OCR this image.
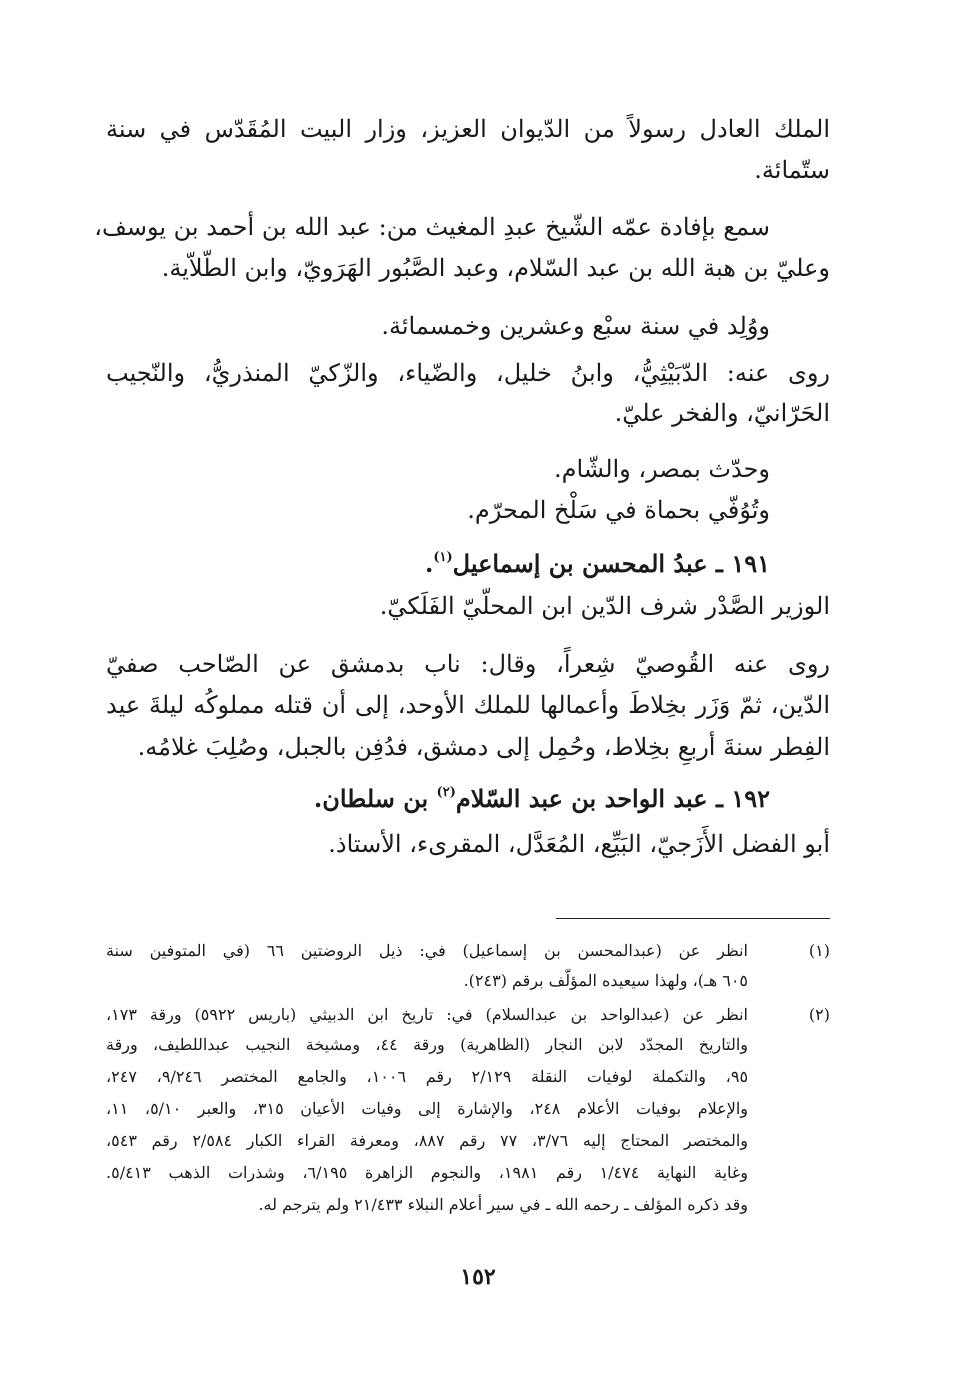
الملك العادل رسولاً من الدّيوان العزيز، وزار البيت المُقَدّس في سنة
ستّمائة.
سمع بإفادة عمّه الشّيخ عبدِ المغيث من: عبد الله بن أحمد بن يوسف،
وعليّ بن هبة الله بن عبد السّلام، وعبد الصَّبُور الهَرَويّ، وابن الطّلاّية.
ووُلِد في سنة سبْع وعشرين وخمسمائة.
روى عنه: الدّبَيْثِيُّ، وابنُ خليل، والضّياء، والزّكيّ المنذريُّ، والنّجيب
الحَرّانيّ، والفخر عليّ.
وحدّث بمصر، والشّام.
وتُوُفّي بحماة في سَلْخ المحرّم.
١٩١ ـ عبدُ المحسن بن إسماعيل$^{(١)}$.
الوزير الصَّدْر شرف الدّين ابن المحلّيّ الفَلَكيّ.
روى عنه القُوصيّ شِعراً، وقال: ناب بدمشق عن الصّاحب صفيّ
الدّين، ثمّ وَزَر بخِلاطَ وأعمالها للملك الأوحد، إلى أن قتله مملوكُه ليلةَ عيد
الفِطر سنةَ أربعِ بخِلاط، وحُمِل إلى دمشق، فدُفِن بالجبل، وصُلِبَ غلامُه.
١٩٢ ـ عبد الواحد بن عبد السّلام$^{(٢)}$ بن سلطان.
أبو الفضل الأَزَجيّ، البَيِّع، المُعَدَّل، المقرىء، الأستاذ.
(١)
انظر عن (عبدالمحسن بن إسماعيل) في: ذيل الروضتين ٦٦ (في المتوفين سنة
٦٠٥ هـ)، ولهذا سيعيده المؤلّف برقم (٢٤٣).
(٢)
انظر عن (عبدالواحد بن عبدالسلام) في: تاريخ ابن الدبيثي (باريس ٥٩٢٢) ورقة ١٧٣،
والتاريخ المجدّد لابن النجار (الظاهرية) ورقة ٤٤، ومشيخة النجيب عبداللطيف، ورقة
٩٥، والتكملة لوفيات النقلة ٢/١٢٩ رقم ١٠٠٦، والجامع المختصر ٩/٢٤٦، ٢٤٧،
والإعلام بوفيات الأعلام ٢٤٨، والإشارة إلى وفيات الأعيان ٣١٥، والعبر ٥/١٠، ١١،
والمختصر المحتاج إليه ٣/٧٦، ٧٧ رقم ٨٨٧، ومعرفة القراء الكبار ٢/٥٨٤ رقم ٥٤٣،
وغاية النهاية ١/٤٧٤ رقم ١٩٨١، والنجوم الزاهرة ٦/١٩٥، وشذرات الذهب ٥/٤١٣.
وقد ذكره المؤلف ـ رحمه الله ـ في سير أعلام النبلاء ٢١/٤٣٣ ولم يترجم له.
١٥٢
